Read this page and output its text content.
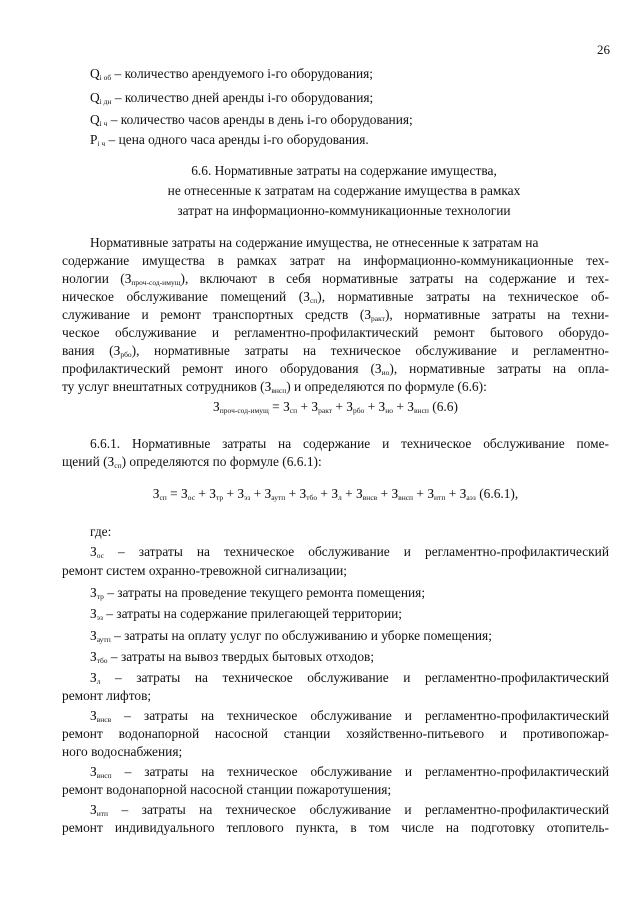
26
$Q_{i об}$ – количество арендуемого i-го оборудования;
$Q_{i дн}$ – количество дней аренды i-го оборудования;
$Q_{i ч}$ – количество часов аренды в день i-го оборудования;
$P_{i ч}$ – цена одного часа аренды i-го оборудования.
6.6. Нормативные затраты на содержание имущества,
не отнесенные к затратам на содержание имущества в рамках
затрат на информационно-коммуникационные технологии
Нормативные затраты на содержание имущества, не отнесенные к затратам на
содержание имущества в рамках затрат на информационно-коммуникационные тех-
нологии $(З_{проч-сод-имущ})$, включают в себя нормативные затраты на содержание и тех-
ническое обслуживание помещений $(З_{сп})$, нормативные затраты на техническое об-
служивание и ремонт транспортных средств $(З_{ракт})$, нормативные затраты на техни-
ческое обслуживание и регламентно-профилактический ремонт бытового оборудо-
вания $(З_{рбо})$, нормативные затраты на техническое обслуживание и регламентно-
профилактический ремонт иного оборудования $(З_{ио})$, нормативные затраты на опла-
ту услуг внештатных сотрудников $(З_{внсп})$ и определяются по формуле (6.6):
$З_{проч-сод-имущ} = З_{сп} + З_{ракт} + З_{рбо} + З_{ио} + З_{внсп}$ (6.6)
6.6.1. Нормативные затраты на содержание и техническое обслуживание поме-
щений $(З_{сп})$ определяются по формуле (6.6.1):
$З_{сп} = З_{ос} + З_{тр} + З_{эз} + З_{аутп} + З_{тбо} + З_л + З_{внсв} + З_{внсп} + З_{итп} + З_{аэз}$ (6.6.1),
где:
$З_{ос}$ – затраты на техническое обслуживание и регламентно-профилактический
ремонт систем охранно-тревожной сигнализации;
$З_{тр}$ – затраты на проведение текущего ремонта помещения;
$З_{эз}$ – затраты на содержание прилегающей территории;
$З_{аутп}$ – затраты на оплату услуг по обслуживанию и уборке помещения;
$З_{тбо}$ – затраты на вывоз твердых бытовых отходов;
$З_л$ – затраты на техническое обслуживание и регламентно-профилактический
ремонт лифтов;
$З_{внсв}$ – затраты на техническое обслуживание и регламентно-профилактический
ремонт водонапорной насосной станции хозяйственно-питьевого и противопожар-
ного водоснабжения;
$З_{внсп}$ – затраты на техническое обслуживание и регламентно-профилактический
ремонт водонапорной насосной станции пожаротушения;
$З_{итп}$ – затраты на техническое обслуживание и регламентно-профилактический
ремонт индивидуального теплового пункта, в том числе на подготовку отопитель-
